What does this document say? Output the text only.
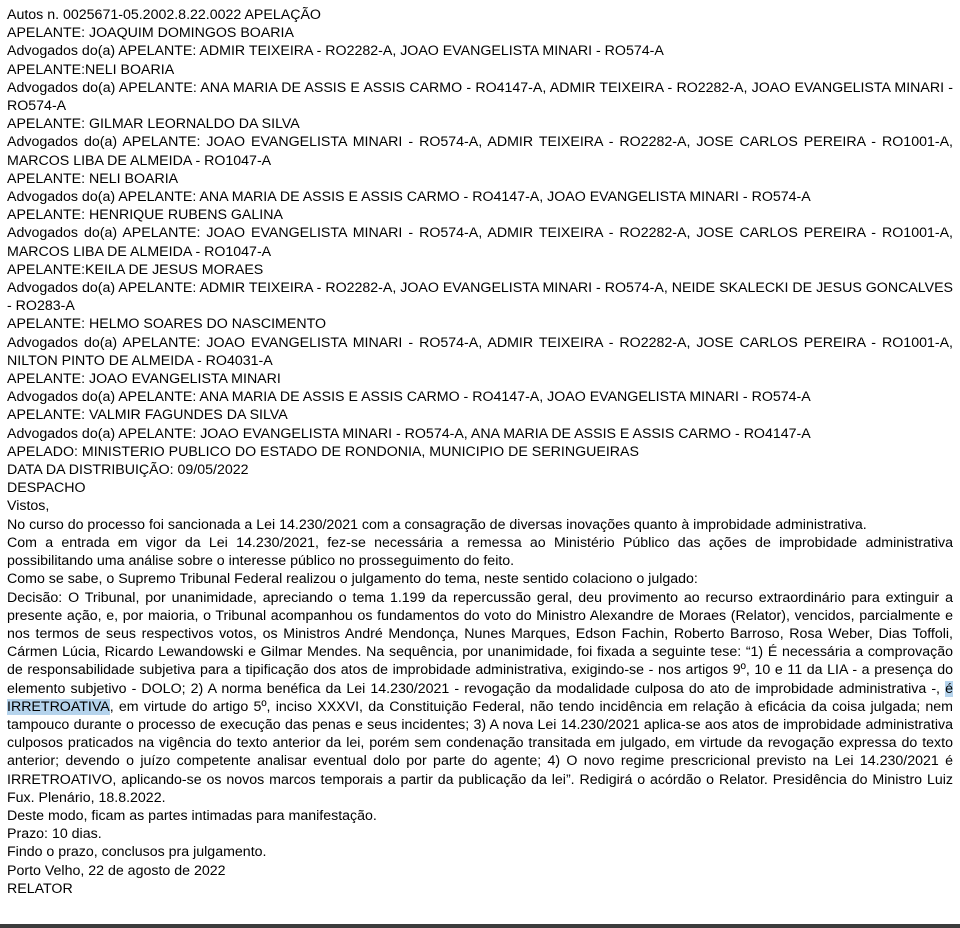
Autos n. 0025671-05.2002.8.22.0022 APELAÇÃO
APELANTE: JOAQUIM DOMINGOS BOARIA
Advogados do(a) APELANTE: ADMIR TEIXEIRA - RO2282-A, JOAO EVANGELISTA MINARI - RO574-A
APELANTE:NELI BOARIA
Advogados do(a) APELANTE: ANA MARIA DE ASSIS E ASSIS CARMO - RO4147-A, ADMIR TEIXEIRA - RO2282-A, JOAO EVANGELISTA MINARI - RO574-A
APELANTE: GILMAR LEORNALDO DA SILVA
Advogados do(a) APELANTE: JOAO EVANGELISTA MINARI - RO574-A, ADMIR TEIXEIRA - RO2282-A, JOSE CARLOS PEREIRA - RO1001-A, MARCOS LIBA DE ALMEIDA - RO1047-A
APELANTE: NELI BOARIA
Advogados do(a) APELANTE: ANA MARIA DE ASSIS E ASSIS CARMO - RO4147-A, JOAO EVANGELISTA MINARI - RO574-A
APELANTE: HENRIQUE RUBENS GALINA
Advogados do(a) APELANTE: JOAO EVANGELISTA MINARI - RO574-A, ADMIR TEIXEIRA - RO2282-A, JOSE CARLOS PEREIRA - RO1001-A, MARCOS LIBA DE ALMEIDA - RO1047-A
APELANTE:KEILA DE JESUS MORAES
Advogados do(a) APELANTE: ADMIR TEIXEIRA - RO2282-A, JOAO EVANGELISTA MINARI - RO574-A, NEIDE SKALECKI DE JESUS GONCALVES - RO283-A
APELANTE: HELMO SOARES DO NASCIMENTO
Advogados do(a) APELANTE: JOAO EVANGELISTA MINARI - RO574-A, ADMIR TEIXEIRA - RO2282-A, JOSE CARLOS PEREIRA - RO1001-A, NILTON PINTO DE ALMEIDA - RO4031-A
APELANTE: JOAO EVANGELISTA MINARI
Advogados do(a) APELANTE: ANA MARIA DE ASSIS E ASSIS CARMO - RO4147-A, JOAO EVANGELISTA MINARI - RO574-A
APELANTE: VALMIR FAGUNDES DA SILVA
Advogados do(a) APELANTE: JOAO EVANGELISTA MINARI - RO574-A, ANA MARIA DE ASSIS E ASSIS CARMO - RO4147-A
APELADO: MINISTERIO PUBLICO DO ESTADO DE RONDONIA, MUNICIPIO DE SERINGUEIRAS
DATA DA DISTRIBUIÇÃO: 09/05/2022
DESPACHO
Vistos,
No curso do processo foi sancionada a Lei 14.230/2021 com a consagração de diversas inovações quanto à improbidade administrativa.
Com a entrada em vigor da Lei 14.230/2021, fez-se necessária a remessa ao Ministério Público das ações de improbidade administrativa possibilitando uma análise sobre o interesse público no prosseguimento do feito.
Como se sabe, o Supremo Tribunal Federal realizou o julgamento do tema, neste sentido colaciono o julgado:
Decisão: O Tribunal, por unanimidade, apreciando o tema 1.199 da repercussão geral, deu provimento ao recurso extraordinário para extinguir a presente ação, e, por maioria, o Tribunal acompanhou os fundamentos do voto do Ministro Alexandre de Moraes (Relator), vencidos, parcialmente e nos termos de seus respectivos votos, os Ministros André Mendonça, Nunes Marques, Edson Fachin, Roberto Barroso, Rosa Weber, Dias Toffoli, Cármen Lúcia, Ricardo Lewandowski e Gilmar Mendes. Na sequência, por unanimidade, foi fixada a seguinte tese: “1) É necessária a comprovação de responsabilidade subjetiva para a tipificação dos atos de improbidade administrativa, exigindo-se - nos artigos 9º, 10 e 11 da LIA - a presença do elemento subjetivo - DOLO; 2) A norma benéfica da Lei 14.230/2021 - revogação da modalidade culposa do ato de improbidade administrativa -, é IRRETROATIVA, em virtude do artigo 5º, inciso XXXVI, da Constituição Federal, não tendo incidência em relação à eficácia da coisa julgada; nem tampouco durante o processo de execução das penas e seus incidentes; 3) A nova Lei 14.230/2021 aplica-se aos atos de improbidade administrativa culposos praticados na vigência do texto anterior da lei, porém sem condenação transitada em julgado, em virtude da revogação expressa do texto anterior; devendo o juízo competente analisar eventual dolo por parte do agente; 4) O novo regime prescricional previsto na Lei 14.230/2021 é IRRETROATIVO, aplicando-se os novos marcos temporais a partir da publicação da lei”. Redigirá o acórdão o Relator. Presidência do Ministro Luiz Fux. Plenário, 18.8.2022.
Deste modo, ficam as partes intimadas para manifestação.
Prazo: 10 dias.
Findo o prazo, conclusos pra julgamento.
Porto Velho, 22 de agosto de 2022
RELATOR
